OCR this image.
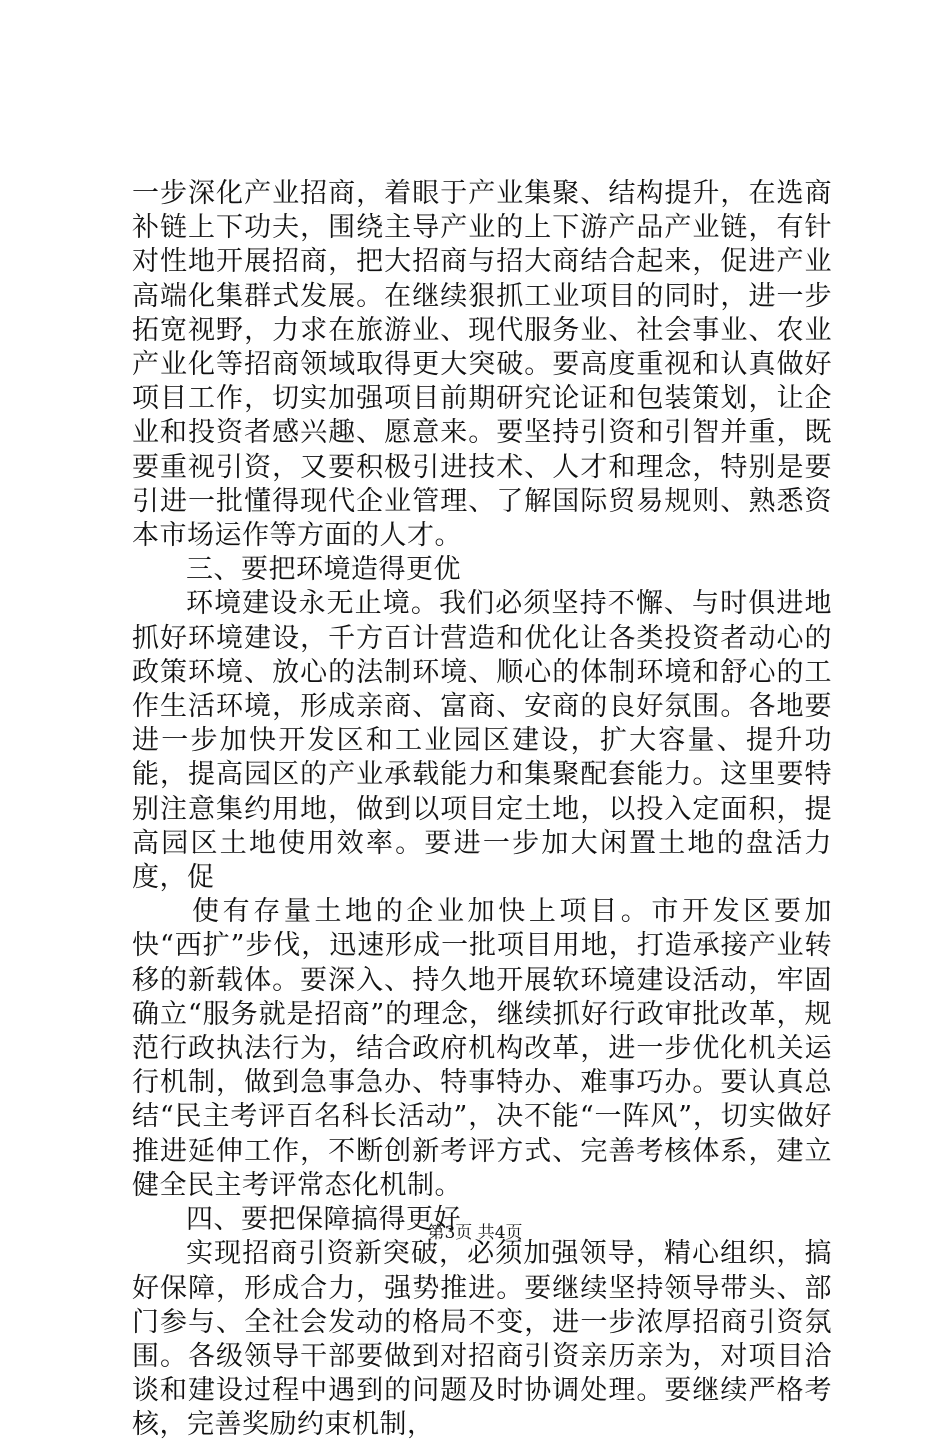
一步深化产业招商，着眼于产业集聚、结构提升，在选商补链上下功夫，围绕主导产业的上下游产品产业链，有针对性地开展招商，把大招商与招大商结合起来，促进产业高端化集群式发展。在继续狠抓工业项目的同时，进一步拓宽视野，力求在旅游业、现代服务业、社会事业、农业产业化等招商领域取得更大突破。要高度重视和认真做好项目工作，切实加强项目前期研究论证和包装策划，让企业和投资者感兴趣、愿意来。要坚持引资和引智并重，既要重视引资，又要积极引进技术、人才和理念，特别是要引进一批懂得现代企业管理、了解国际贸易规则、熟悉资本市场运作等方面的人才。

三、要把环境造得更优

环境建设永无止境。我们必须坚持不懈、与时俱进地抓好环境建设，千方百计营造和优化让各类投资者动心的政策环境、放心的法制环境、顺心的体制环境和舒心的工作生活环境，形成亲商、富商、安商的良好氛围。各地要进一步加快开发区和工业园区建设，扩大容量、提升功能，提高园区的产业承载能力和集聚配套能力。这里要特别注意集约用地，做到以项目定土地，以投入定面积，提高园区土地使用效率。要进一步加大闲置土地的盘活力度，促

使有存量土地的企业加快上项目。市开发区要加快“西扩”步伐，迅速形成一批项目用地，打造承接产业转移的新载体。要深入、持久地开展软环境建设活动，牢固确立“服务就是招商”的理念，继续抓好行政审批改革，规范行政执法行为，结合政府机构改革，进一步优化机关运行机制，做到急事急办、特事特办、难事巧办。要认真总结“民主考评百名科长活动”，决不能“一阵风”，切实做好推进延伸工作，不断创新考评方式、完善考核体系，建立健全民主考评常态化机制。

四、要把保障搞得更好

实现招商引资新突破，必须加强领导，精心组织，搞好保障，形成合力，强势推进。要继续坚持领导带头、部门参与、全社会发动的格局不变，进一步浓厚招商引资氛围。各级领导干部要做到对招商引资亲历亲为，对项目洽谈和建设过程中遇到的问题及时协调处理。要继续严格考核，完善奖励约束机制，

第3页 共4页
